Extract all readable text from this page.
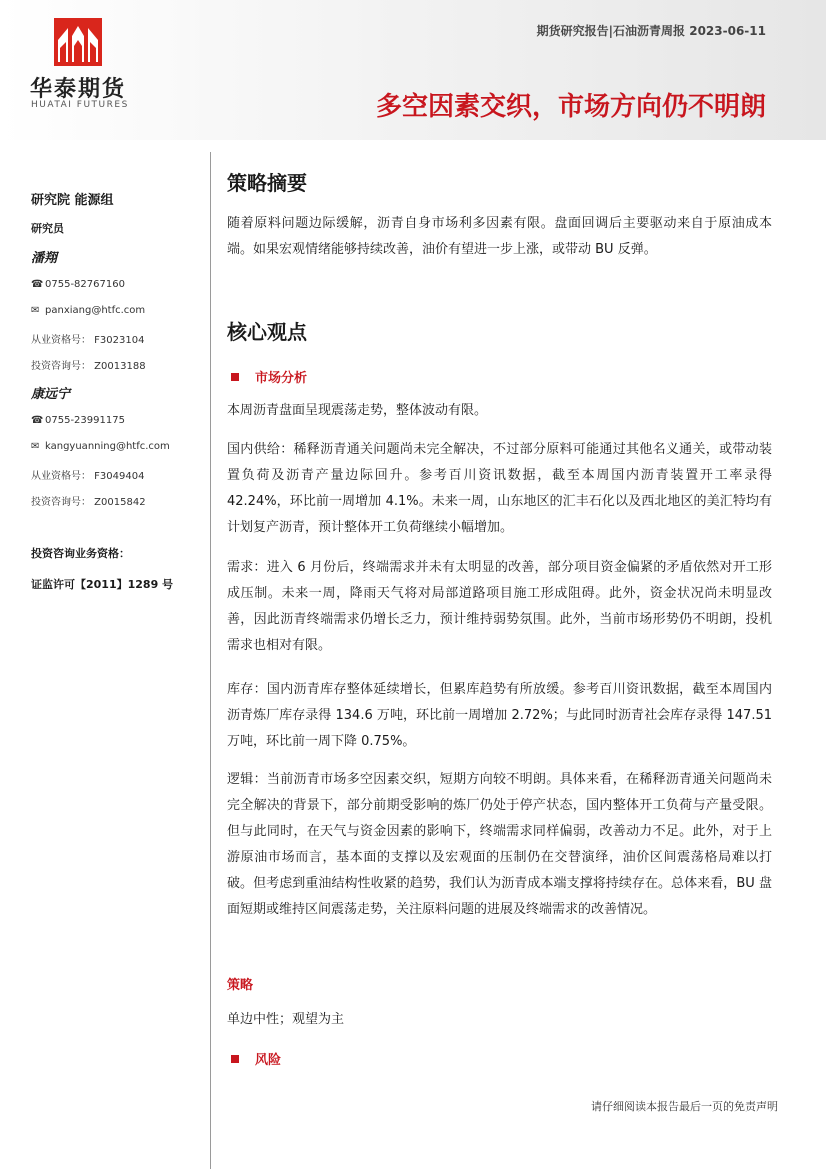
华泰期货
HUATAI FUTURES
期货研究报告|石油沥青周报 2023-06-11
多空因素交织，市场方向仍不明朗
研究院 能源组
研究员
潘翔
☎ 0755-82767160
✉ panxiang@htfc.com
从业资格号： F3023104
投资咨询号： Z0013188
康远宁
☎ 0755-23991175
✉ kangyuanning@htfc.com
从业资格号： F3049404
投资咨询号： Z0015842
投资咨询业务资格：
证监许可【2011】1289 号
策略摘要

随着原料问题边际缓解，沥青自身市场利多因素有限。盘面回调后主要驱动来自于原油成本端。如果宏观情绪能够持续改善，油价有望进一步上涨，或带动 BU 反弹。

核心观点
市场分析

本周沥青盘面呈现震荡走势，整体波动有限。

国内供给：稀释沥青通关问题尚未完全解决，不过部分原料可能通过其他名义通关，或带动装置负荷及沥青产量边际回升。参考百川资讯数据，截至本周国内沥青装置开工率录得 42.24%，环比前一周增加 4.1%。未来一周，山东地区的汇丰石化以及西北地区的美汇特均有计划复产沥青，预计整体开工负荷继续小幅增加。

需求：进入 6 月份后，终端需求并未有太明显的改善，部分项目资金偏紧的矛盾依然对开工形成压制。未来一周，降雨天气将对局部道路项目施工形成阻碍。此外，资金状况尚未明显改善，因此沥青终端需求仍增长乏力，预计维持弱势氛围。此外，当前市场形势仍不明朗，投机需求也相对有限。

库存：国内沥青库存整体延续增长，但累库趋势有所放缓。参考百川资讯数据，截至本周国内沥青炼厂库存录得 134.6 万吨，环比前一周增加 2.72%；与此同时沥青社会库存录得 147.51 万吨，环比前一周下降 0.75%。

逻辑：当前沥青市场多空因素交织，短期方向较不明朗。具体来看，在稀释沥青通关问题尚未完全解决的背景下，部分前期受影响的炼厂仍处于停产状态，国内整体开工负荷与产量受限。但与此同时，在天气与资金因素的影响下，终端需求同样偏弱，改善动力不足。此外，对于上游原油市场而言，基本面的支撑以及宏观面的压制仍在交替演绎，油价区间震荡格局难以打破。但考虑到重油结构性收紧的趋势，我们认为沥青成本端支撑将持续存在。总体来看，BU 盘面短期或维持区间震荡走势，关注原料问题的进展及终端需求的改善情况。

策略

单边中性；观望为主

风险
请仔细阅读本报告最后一页的免责声明
